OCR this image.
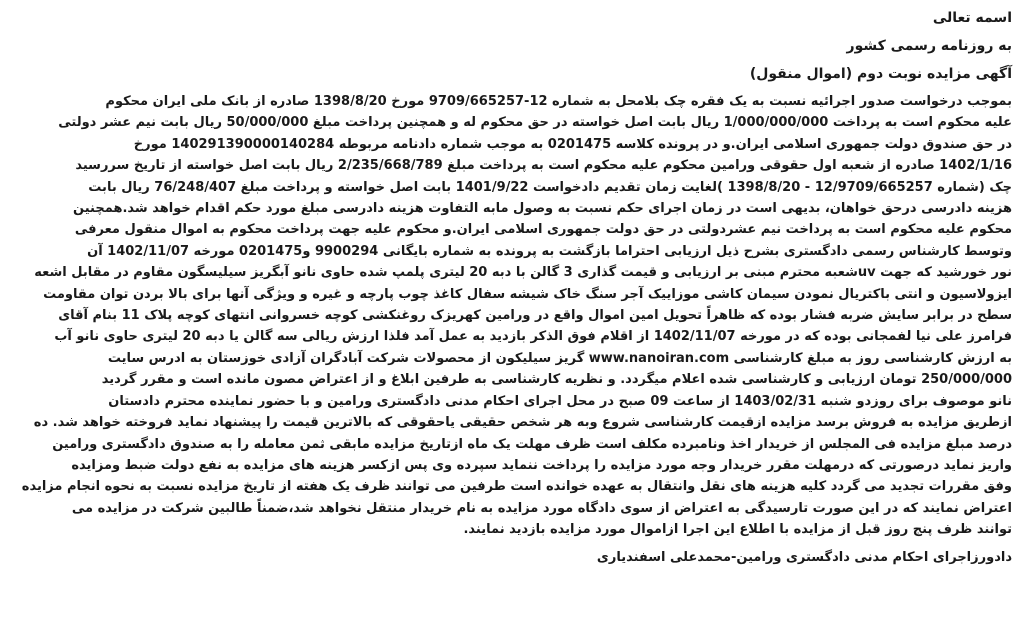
اسمه تعالی
به روزنامه رسمی کشور
آگهی مزایده نوبت دوم (اموال منقول)
بموجب درخواست صدور اجرائیه نسبت به یک فقره چک بلامحل به شماره 12-9709/665257 مورخ 1398/8/20 صادره از بانک ملی ایران محکوم
علیه محکوم است به پرداخت 1/000/000/000 ریال بابت اصل خواسته در حق محکوم له و همچنین پرداخت مبلغ 50/000/000 ریال بابت نیم عشر دولتی
در حق صندوق دولت جمهوری اسلامی ایران.و در پرونده کلاسه 0201475 به موجب شماره دادنامه مربوطه 140291390000140284 مورخ
1402/1/16 صادره از شعبه اول حقوقی ورامین محکوم علیه محکوم است به پرداخت مبلغ 2/235/668/789 ریال بابت اصل خواسته از تاریخ سررسید
چک (شماره 12/9709/665257 - 1398/8/20 )لغایت زمان تقدیم دادخواست 1401/9/22 بابت اصل خواسته و پرداخت مبلغ 76/248/407 ریال بابت
هزینه دادرسی درحق خواهان، بدیهی است در زمان اجرای حکم نسبت به وصول مابه التفاوت هزینه دادرسی مبلغ مورد حکم اقدام خواهد شد.همچنین
محکوم علیه محکوم است به پرداخت نیم عشردولتی در حق دولت جمهوری اسلامی ایران.و محکوم علیه جهت پرداخت محکوم به اموال منقول معرفی
وتوسط کارشناس رسمی دادگستری بشرح ذیل ارزیابی احتراما بازگشت به پرونده به شماره بایگانی 9900294 و0201475 مورخه 1402/11/07 آن
نور خورشید که جهت uvشعبه محترم مبنی بر ارزیابی و قیمت گذاری 3 گالن با دبه 20 لیتری پلمپ شده حاوی نانو آبگریز سیلیسگون مقاوم در مقابل اشعه
ایزولاسیون و انتی باکتریال نمودن سیمان کاشی موزاییک آجر سنگ خاک شیشه سفال کاغذ چوب پارچه و غیره و ویژگی آنها برای بالا بردن توان مقاومت
سطح در برابر سایش ضربه فشار بوده که ظاهراً تحویل امین اموال واقع در ورامین کهریزک روغنکشی کوچه خسروانی انتهای کوچه پلاک 11 بنام آقای
فرامرز علی نیا لفمجانی بوده که در مورخه 1402/11/07 از اقلام فوق الذکر بازدید به عمل آمد فلذا ارزش ریالی سه گالن یا دبه 20 لیتری حاوی نانو آب
به ارزش کارشناسی روز به مبلغ کارشناسی www.nanoiran.com گریز سیلیکون از محصولات شرکت آبادگران آزادی خوزستان به ادرس سایت
250/000/000 تومان ارزیابی و کارشناسی شده اعلام میگردد. و نظریه کارشناسی به طرفین ابلاغ و از اعتراض مصون مانده است و مقرر گردید
نانو موصوف برای روزدو شنبه 1403/02/31 از ساعت 09 صبح در محل اجرای احکام مدنی دادگستری ورامین و با حضور نماینده محترم دادستان
ازطریق مزایده به فروش برسد مزایده ازقیمت کارشناسی شروع وبه هر شخص حقیقی یاحقوقی که بالاترین قیمت را پیشنهاد نماید فروخته خواهد شد. ده
درصد مبلغ مزایده فی المجلس از خریدار اخذ ونامبرده مکلف است ظرف مهلت یک ماه ازتاریخ مزایده مابقی ثمن معامله را به صندوق دادگستری ورامین
واریز نماید درصورتی که درمهلت مقرر خریدار وجه مورد مزایده را پرداخت ننماید سپرده وی پس ازکسر هزینه های مزایده به نفع دولت ضبط ومزایده
وفق مقررات تجدید می گردد کلیه هزینه های نقل وانتقال به عهده خوانده است طرفین می توانند ظرف یک هفته از تاریخ مزایده نسبت به نحوه انجام مزایده
اعتراض نمایند که در این صورت تارسیدگی به اعتراض از سوی دادگاه مورد مزایده به نام خریدار منتقل نخواهد شد،ضمناً طالبین شرکت در مزایده می
توانند ظرف پنج روز قبل از مزایده با اطلاع این اجرا ازاموال مورد مزایده بازدید نمایند.
دادورزاجرای احکام مدنی دادگستری ورامین-محمدعلی اسفندیاری
